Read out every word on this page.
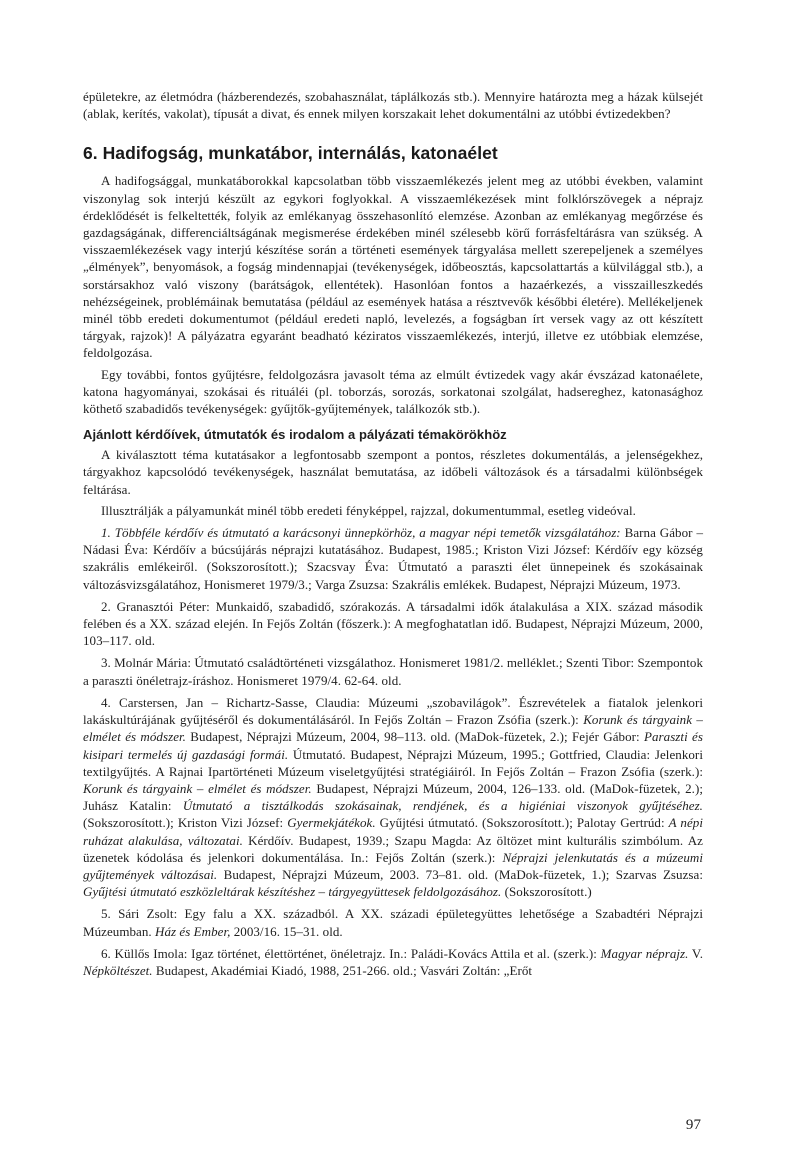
épületekre, az életmódra (házberendezés, szobahasználat, táplálkozás stb.). Mennyire határozta meg a házak külsejét (ablak, kerítés, vakolat), típusát a divat, és ennek milyen korszakait lehet dokumentálni az utóbbi évtizedekben?

6. Hadifogság, munkatábor, internálás, katonaélet

A hadifogsággal, munkatáborokkal kapcsolatban több visszaemlékezés jelent meg az utóbbi években, valamint viszonylag sok interjú készült az egykori foglyokkal. A visszaemlékezések mint folklórszövegek a néprajz érdeklődését is felkeltették, folyik az emlékanyag összehasonlító elemzése. Azonban az emlékanyag megőrzése és gazdagságának, differenciáltságának megismerése érdekében minél szélesebb körű forrásfeltárásra van szükség. A visszaemlékezések vagy interjú készítése során a történeti események tárgyalása mellett szerepeljenek a személyes „élmények”, benyomások, a fogság mindennapjai (tevékenységek, időbeosztás, kapcsolattartás a külvilággal stb.), a sorstársakhoz való viszony (barátságok, ellentétek). Hasonlóan fontos a hazaérkezés, a visszailleszkedés nehézségeinek, problémáinak bemutatása (például az események hatása a résztvevők későbbi életére). Mellékeljenek minél több eredeti dokumentumot (például eredeti napló, levelezés, a fogságban írt versek vagy az ott készített tárgyak, rajzok)! A pályázatra egyaránt beadható kéziratos visszaemlékezés, interjú, illetve ez utóbbiak elemzése, feldolgozása.

Egy további, fontos gyűjtésre, feldolgozásra javasolt téma az elmúlt évtizedek vagy akár évszázad katonaélete, katona hagyományai, szokásai és rituáléi (pl. toborzás, sorozás, sorkatonai szolgálat, hadsereghez, katonasághoz köthető szabadidős tevékenységek: gyűjtők-gyűjtemények, találkozók stb.).

Ajánlott kérdőívek, útmutatók és irodalom a pályázati témakörökhöz

A kiválasztott téma kutatásakor a legfontosabb szempont a pontos, részletes dokumentálás, a jelenségekhez, tárgyakhoz kapcsolódó tevékenységek, használat bemutatása, az időbeli változások és a társadalmi különbségek feltárása.

Illusztrálják a pályamunkát minél több eredeti fényképpel, rajzzal, dokumentummal, esetleg videóval.

1. Többféle kérdőív és útmutató a karácsonyi ünnepkörhöz, a magyar népi temetők vizsgálatához: Barna Gábor – Nádasi Éva: Kérdőív a búcsújárás néprajzi kutatásához. Budapest, 1985.; Kriston Vizi József: Kérdőív egy község szakrális emlékeiről. (Sokszorosított.); Szacsvay Éva: Útmutató a paraszti élet ünnepeinek és szokásainak változásvizsgálatához, Honismeret 1979/3.; Varga Zsuzsa: Szakrális emlékek. Budapest, Néprajzi Múzeum, 1973.

2. Granasztói Péter: Munkaidő, szabadidő, szórakozás. A társadalmi idők átalakulása a XIX. század második felében és a XX. század elején. In Fejős Zoltán (főszerk.): A megfoghatatlan idő. Budapest, Néprajzi Múzeum, 2000, 103–117. old.

3. Molnár Mária: Útmutató családtörténeti vizsgálathoz. Honismeret 1981/2. melléklet.; Szenti Tibor: Szempontok a paraszti önéletrajz-íráshoz. Honismeret 1979/4. 62-64. old.

4. Carstersen, Jan – Richartz-Sasse, Claudia: Múzeumi „szobavilágok”. Észrevételek a fiatalok jelenkori lakáskultúrájának gyűjtéséről és dokumentálásáról. In Fejős Zoltán – Frazon Zsófia (szerk.): Korunk és tárgyaink – elmélet és módszer. Budapest, Néprajzi Múzeum, 2004, 98–113. old. (MaDok-füzetek, 2.); Fejér Gábor: Paraszti és kisipari termelés új gazdasági formái. Útmutató. Budapest, Néprajzi Múzeum, 1995.; Gottfried, Claudia: Jelenkori textilgyűjtés. A Rajnai Ipartörténeti Múzeum viseletgyűjtési stratégiáiról. In Fejős Zoltán – Frazon Zsófia (szerk.): Korunk és tárgyaink – elmélet és módszer. Budapest, Néprajzi Múzeum, 2004, 126–133. old. (MaDok-füzetek, 2.); Juhász Katalin: Útmutató a tisztálkodás szokásainak, rendjének, és a higiéniai viszonyok gyűjtéséhez. (Sokszorosított.); Kriston Vizi József: Gyermekjátékok. Gyűjtési útmutató. (Sokszorosított.); Palotay Gertrúd: A népi ruházat alakulása, változatai. Kérdőív. Budapest, 1939.; Szapu Magda: Az öltözet mint kulturális szimbólum. Az üzenetek kódolása és jelenkori dokumentálása. In.: Fejős Zoltán (szerk.): Néprajzi jelenkutatás és a múzeumi gyűjtemények változásai. Budapest, Néprajzi Múzeum, 2003. 73–81. old. (MaDok-füzetek, 1.); Szarvas Zsuzsa: Gyűjtési útmutató eszközleltárak készítéshez – tárgyegyüttesek feldolgozásához. (Sokszorosított.)

5. Sári Zsolt: Egy falu a XX. századból. A XX. századi épületegyüttes lehetősége a Szabadtéri Néprajzi Múzeumban. Ház és Ember, 2003/16. 15–31. old.

6. Küllős Imola: Igaz történet, élettörténet, önéletrajz. In.: Paládi-Kovács Attila et al. (szerk.): Magyar néprajz. V. Népköltészet. Budapest, Akadémiai Kiadó, 1988, 251-266. old.; Vasvári Zoltán: „Erőt

97
